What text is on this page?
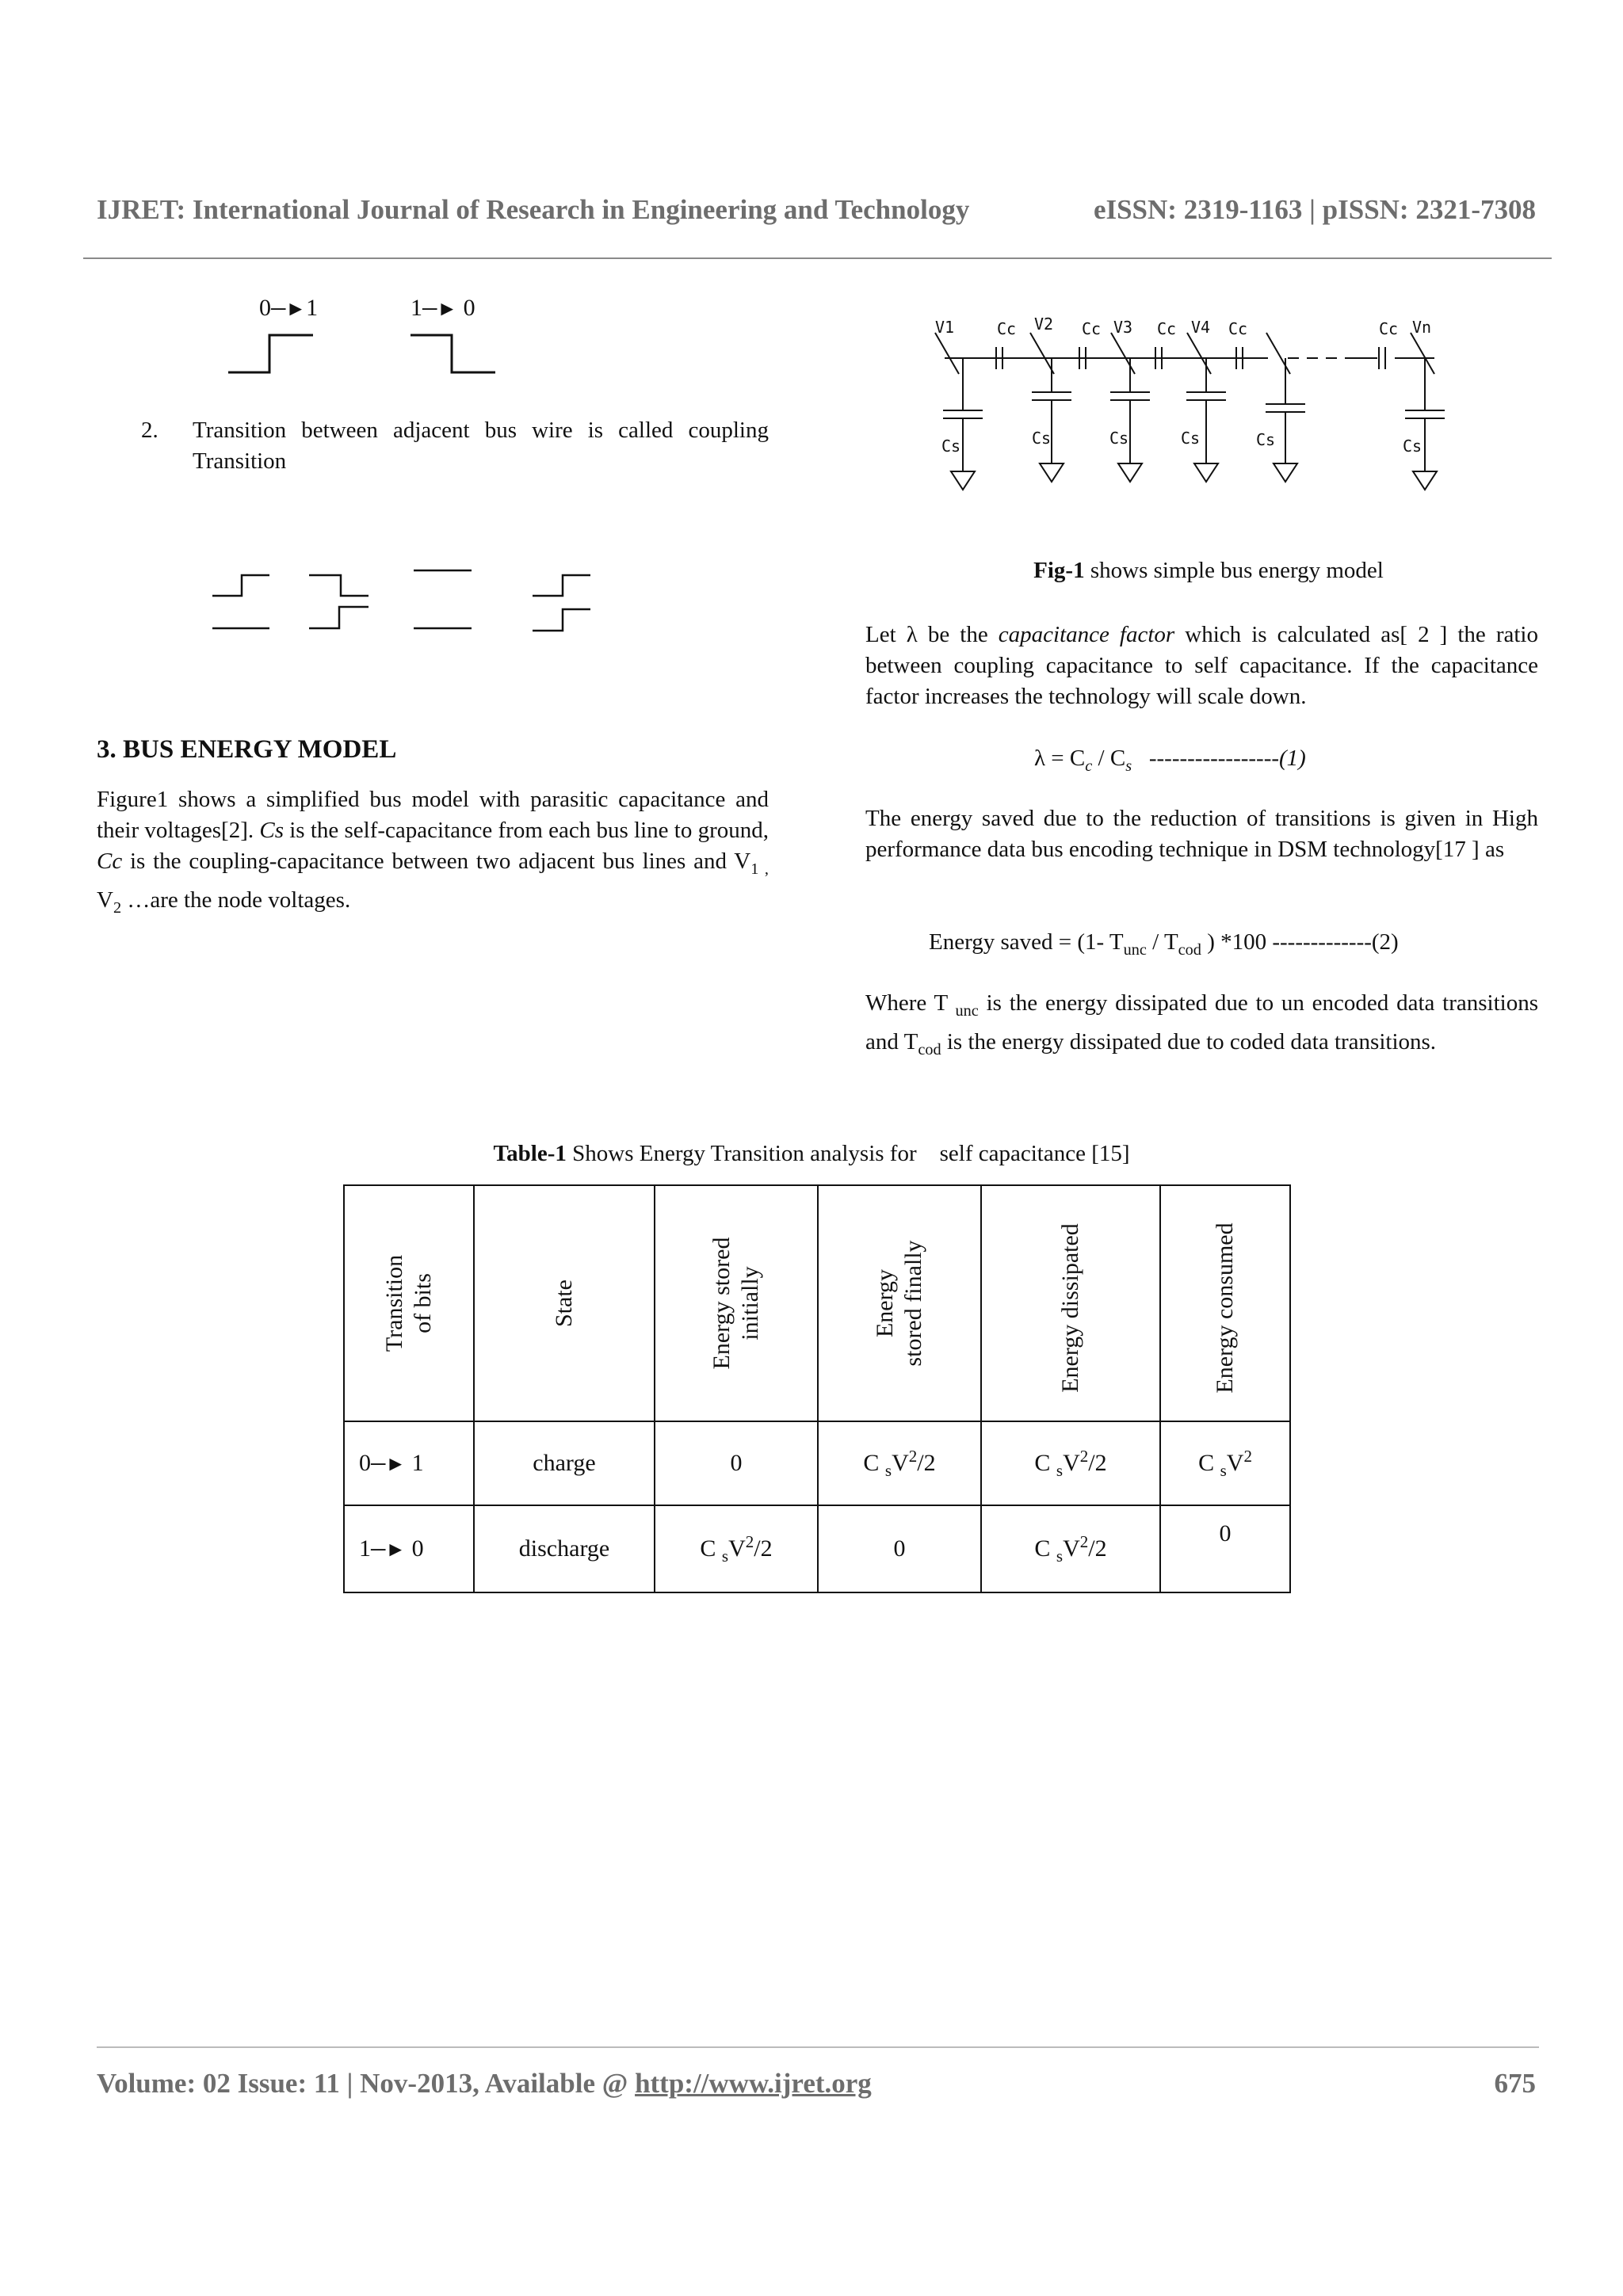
IJRET: International Journal of Research in Engineering and Technology	eISSN: 2319-1163 | pISSN: 2321-7308
0─►1	1─► 0
2. Transition between adjacent bus wire is called coupling Transition
3. BUS ENERGY MODEL
Figure1 shows a simplified bus model with parasitic capacitance and their voltages[2]. Cs is the self-capacitance from each bus line to ground, Cc is the coupling-capacitance between two adjacent bus lines and $V_{1 ,}$ $V_2$ …are the node voltages.
V1	V2	V3	V4	Vn
Cc	Cc	Cc	Cc	Cc
Cs	Cs	Cs	Cs	Cs	Cs
Fig-1 shows simple bus energy model
Let λ be the capacitance factor which is calculated as[ 2 ] the ratio between coupling capacitance to self capacitance. If the capacitance factor increases the technology will scale down.
$\lambda = C_c / C_s$   -----------------(1)
The energy saved due to the reduction of transitions is given in High performance data bus encoding technique in DSM technology[17 ] as
Energy saved = (1- $T_{unc} / T_{cod}$ ) *100 -------------(2)
Where T $_{unc}$ is the energy dissipated due to un encoded data transitions and $T_{cod}$ is the energy dissipated due to coded data transitions.
Table-1 Shows Energy Transition analysis for    self capacitance [15]
Transition of bits	State	Energy stored initially	Energy stored finally	Energy dissipated	Energy consumed

0─► 1	charge	0	C $_sV^2/2$	C $_sV^2/2$	C $_sV^2$
1─► 0	discharge	C $_sV^2/2$	0	C $_sV^2/2$	0
Volume: 02 Issue: 11 | Nov-2013, Available @ http://www.ijret.org	675
